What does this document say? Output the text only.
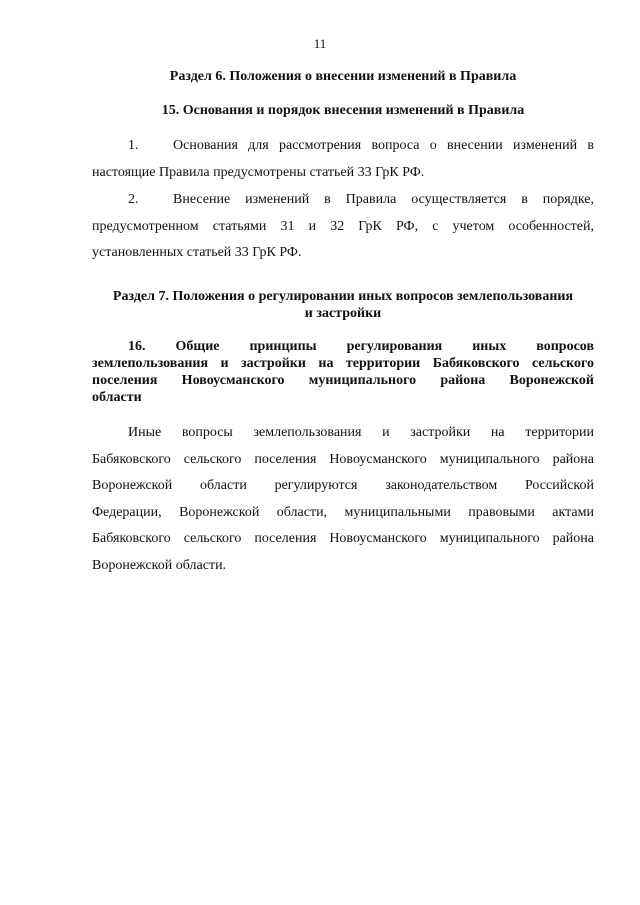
11
Раздел 6. Положения о внесении изменений в Правила
15. Основания и порядок внесения изменений в Правила
1. Основания для рассмотрения вопроса о внесении изменений в
настоящие Правила предусмотрены статьей 33 ГрК РФ.
2. Внесение изменений в Правила осуществляется в порядке,
предусмотренном статьями 31 и 32 ГрК РФ, с учетом особенностей,
установленных статьей 33 ГрК РФ.
Раздел 7. Положения о регулировании иных вопросов землепользования
и застройки
16. Общие принципы регулирования иных вопросов
землепользования и застройки на территории Бабяковского сельского
поселения Новоусманского муниципального района Воронежской
области
Иные вопросы землепользования и застройки на территории
Бабяковского сельского поселения Новоусманского муниципального района
Воронежской области регулируются законодательством Российской
Федерации, Воронежской области, муниципальными правовыми актами
Бабяковского сельского поселения Новоусманского муниципального района
Воронежской области.
